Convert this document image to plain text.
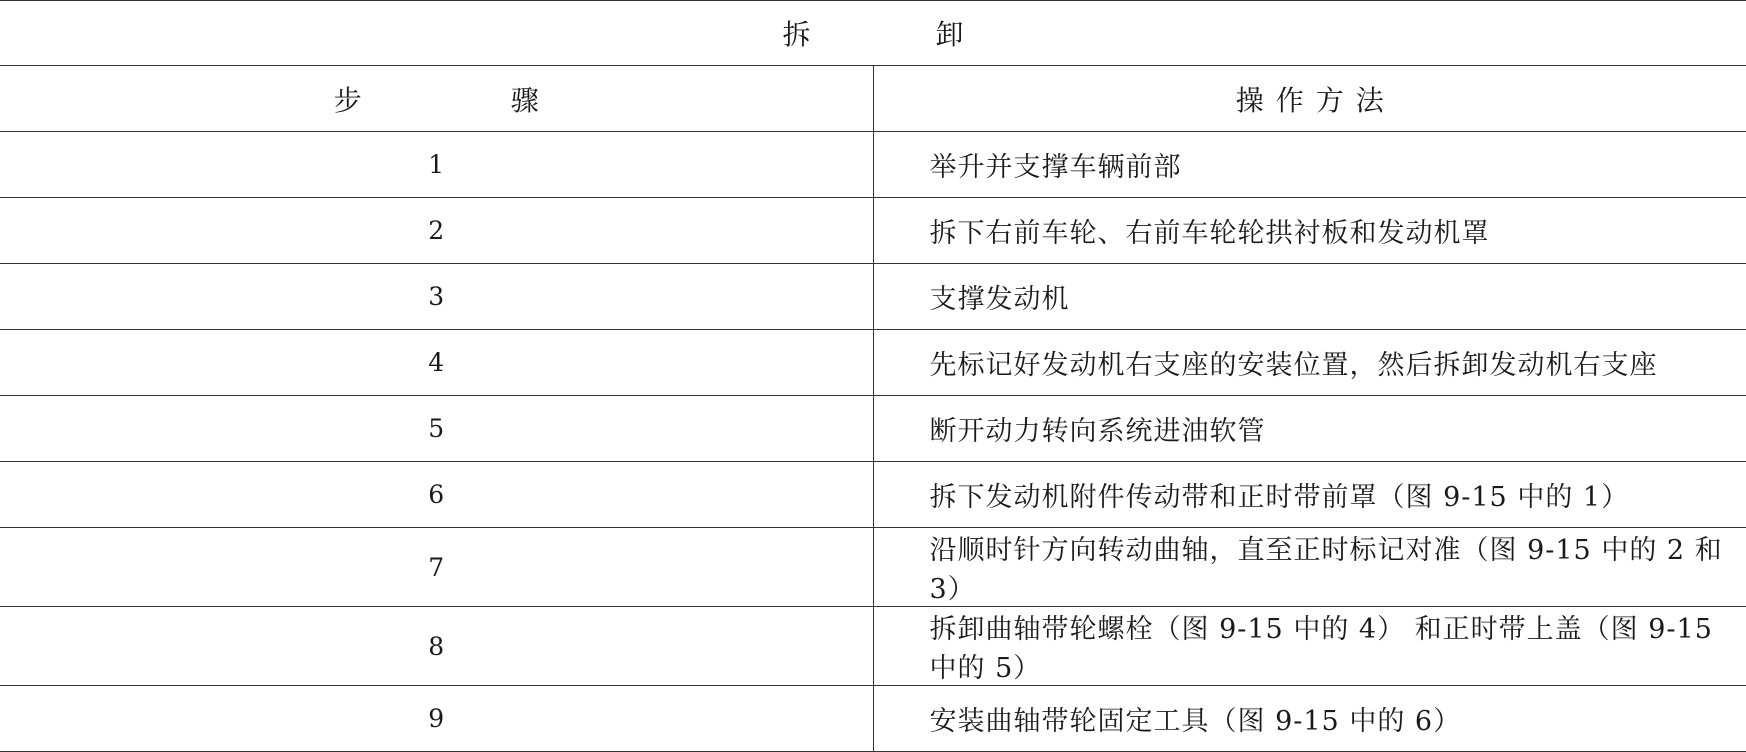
拆 卸	
步 骤	操作方法
1	举升并支撑车辆前部
2	拆下右前车轮、右前车轮轮拱衬板和发动机罩
3	支撑发动机
4	先标记好发动机右支座的安装位置，然后拆卸发动机右支座
5	断开动力转向系统进油软管
6	拆下发动机附件传动带和正时带前罩（图 9-15 中的 1）
7	沿顺时针方向转动曲轴，直至正时标记对准（图 9-15 中的 2 和 3）
8	拆卸曲轴带轮螺栓（图 9-15 中的 4） 和正时带上盖（图 9-15 中的 5）
9	安装曲轴带轮固定工具（图 9-15 中的 6）
